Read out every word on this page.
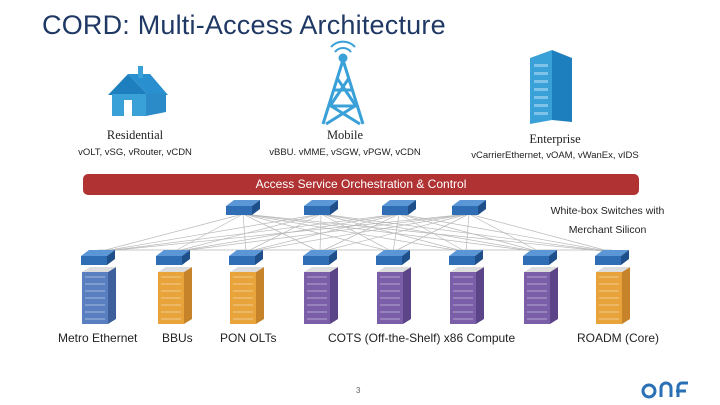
CORD: Multi-Access Architecture
Residential
vOLT, vSG, vRouter, vCDN
Mobile
vBBU. vMME, vSGW, vPGW, vCDN
Enterprise
vCarrierEthernet, vOAM, vWanEx, vIDS
Access Service Orchestration & Control
White-box Switches with
Merchant Silicon
Metro Ethernet BBUs PON OLTs	COTS (Off-the-Shelf) x86 Compute	ROADM (Core)
3
